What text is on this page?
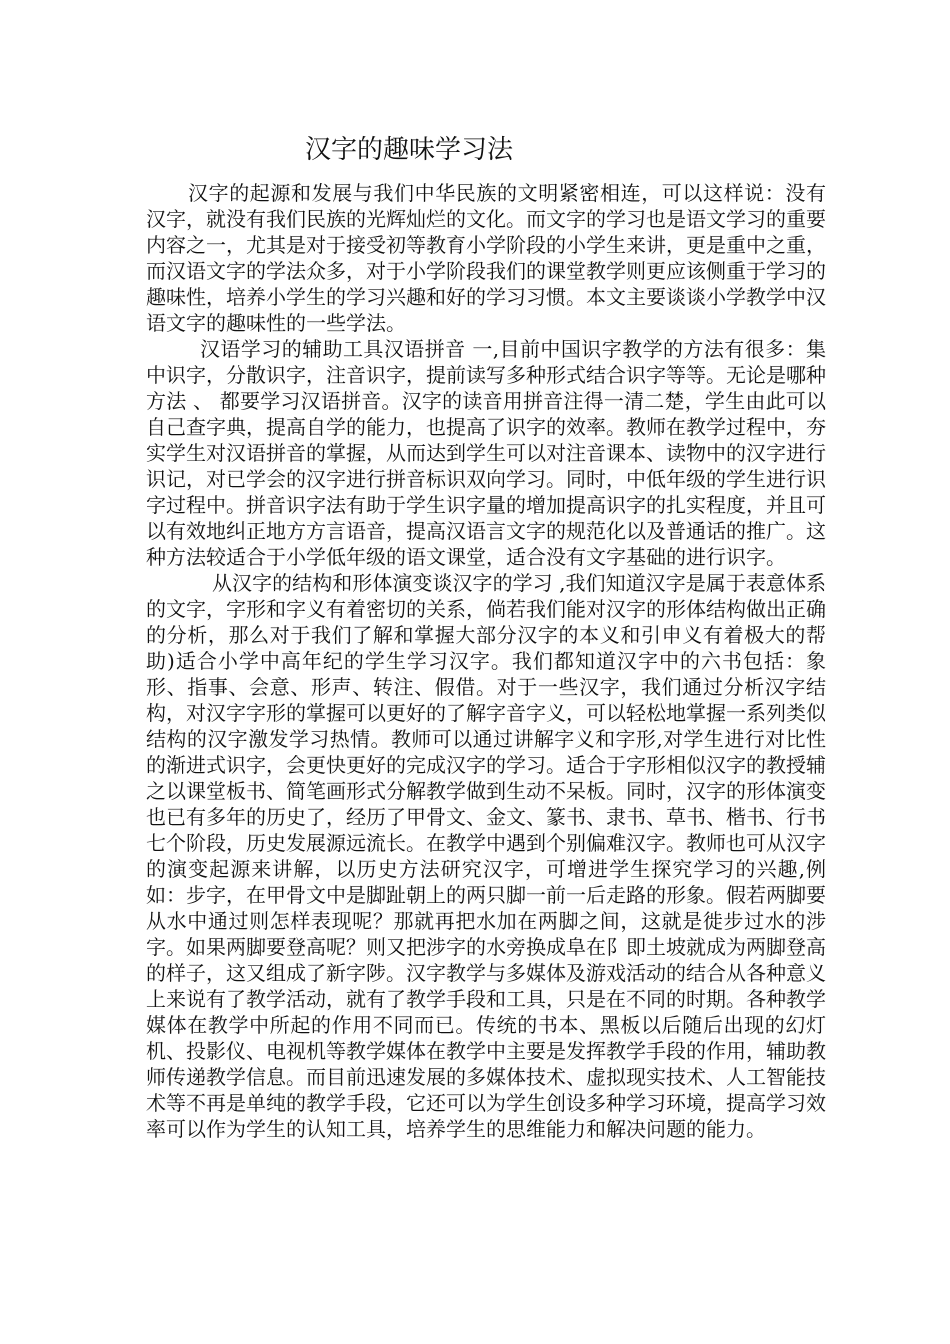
汉字的趣味学习法

汉字的起源和发展与我们中华民族的文明紧密相连，可以这样说：没有汉字，就没有我们民族的光辉灿烂的文化。而文字的学习也是语文学习的重要内容之一，尤其是对于接受初等教育小学阶段的小学生来讲，更是重中之重，而汉语文字的学法众多，对于小学阶段我们的课堂教学则更应该侧重于学习的趣味性，培养小学生的学习兴趣和好的学习习惯。本文主要谈谈小学教学中汉语文字的趣味性的一些学法。

汉语学习的辅助工具汉语拼音 一,目前中国识字教学的方法有很多：集中识字，分散识字，注音识字，提前读写多种形式结合识字等等。无论是哪种方法 、 都要学习汉语拼音。汉字的读音用拼音注得一清二楚，学生由此可以自己查字典，提高自学的能力，也提高了识字的效率。教师在教学过程中，夯实学生对汉语拼音的掌握，从而达到学生可以对注音课本、读物中的汉字进行识记，对已学会的汉字进行拼音标识双向学习。同时，中低年级的学生进行识字过程中。拼音识字法有助于学生识字量的增加提高识字的扎实程度，并且可以有效地纠正地方方言语音，提高汉语言文字的规范化以及普通话的推广。这种方法较适合于小学低年级的语文课堂，适合没有文字基础的进行识字。

从汉字的结构和形体演变谈汉字的学习 ,我们知道汉字是属于表意体系的文字，字形和字义有着密切的关系，倘若我们能对汉字的形体结构做出正确的分析，那么对于我们了解和掌握大部分汉字的本义和引申义有着极大的帮助)适合小学中高年纪的学生学习汉字。我们都知道汉字中的六书包括：象形、指事、会意、形声、转注、假借。对于一些汉字，我们通过分析汉字结构，对汉字字形的掌握可以更好的了解字音字义，可以轻松地掌握一系列类似结构的汉字激发学习热情。教师可以通过讲解字义和字形,对学生进行对比性的渐进式识字，会更快更好的完成汉字的学习。适合于字形相似汉字的教授辅之以课堂板书、简笔画形式分解教学做到生动不呆板。同时，汉字的形体演变也已有多年的历史了，经历了甲骨文、金文、篆书、隶书、草书、楷书、行书七个阶段，历史发展源远流长。在教学中遇到个别偏难汉字。教师也可从汉字的演变起源来讲解，以历史方法研究汉字，可增进学生探究学习的兴趣,例如：步字，在甲骨文中是脚趾朝上的两只脚一前一后走路的形象。假若两脚要从水中通过则怎样表现呢？那就再把水加在两脚之间，这就是徙步过水的涉字。如果两脚要登高呢？则又把涉字的水旁换成阜在阝即土坡就成为两脚登高的样子，这又组成了新字陟。汉字教学与多媒体及游戏活动的结合从各种意义上来说有了教学活动，就有了教学手段和工具，只是在不同的时期。各种教学媒体在教学中所起的作用不同而已。传统的书本、黑板以后随后出现的幻灯机、投影仪、电视机等教学媒体在教学中主要是发挥教学手段的作用，辅助教师传递教学信息。而目前迅速发展的多媒体技术、虚拟现实技术、人工智能技术等不再是单纯的教学手段，它还可以为学生创设多种学习环境，提高学习效率可以作为学生的认知工具，培养学生的思维能力和解决问题的能力。
